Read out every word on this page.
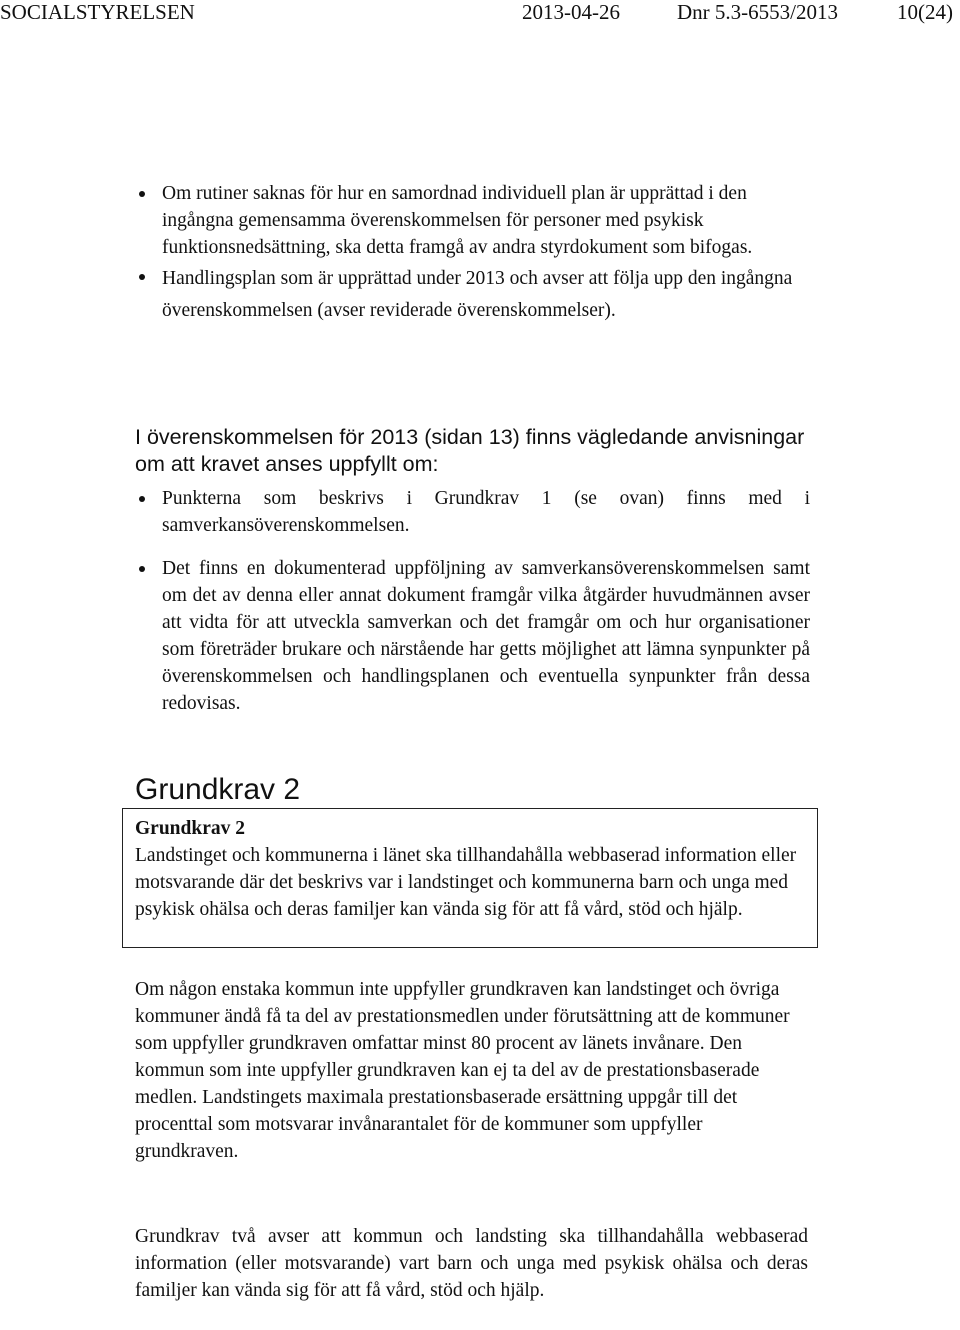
SOCIALSTYRELSEN	2013-04-26	Dnr 5.3-6553/2013	10(24)
Om rutiner saknas för hur en samordnad individuell plan är upprättad i den ingångna gemensamma överenskommelsen för personer med psykisk funktionsnedsättning, ska detta framgå av andra styrdokument som bifogas.
Handlingsplan som är upprättad under 2013 och avser att följa upp den ingångna överenskommelsen (avser reviderade överenskommelser).
I överenskommelsen för 2013 (sidan 13) finns vägledande anvisningar om att kravet anses uppfyllt om:
Punkterna som beskrivs i Grundkrav 1 (se ovan) finns med i samverkansöverenskommelsen.
Det finns en dokumenterad uppföljning av samverkansöverenskommelsen samt om det av denna eller annat dokument framgår vilka åtgärder huvudmännen avser att vidta för att utveckla samverkan och det framgår om och hur organisationer som företräder brukare och närstående har getts möjlighet att lämna synpunkter på överenskommelsen och handlingsplanen och eventuella synpunkter från dessa redovisas.
Grundkrav 2

Grundkrav 2

Landstinget och kommunerna i länet ska tillhandahålla webbaserad information eller motsvarande där det beskrivs var i landstinget och kommunerna barn och unga med psykisk ohälsa och deras familjer kan vända sig för att få vård, stöd och hjälp.

Om någon enstaka kommun inte uppfyller grundkraven kan landstinget och övriga kommuner ändå få ta del av prestationsmedlen under förutsättning att de kommuner som uppfyller grundkraven omfattar minst 80 procent av länets invånare. Den kommun som inte uppfyller grundkraven kan ej ta del av de prestationsbaserade medlen. Landstingets maximala prestationsbaserade ersättning uppgår till det procenttal som motsvarar invånarantalet för de kommuner som uppfyller grundkraven.
Grundkrav två avser att kommun och landsting ska tillhandahålla webbaserad information (eller motsvarande) vart barn och unga med psykisk ohälsa och deras familjer kan vända sig för att få vård, stöd och hjälp.
